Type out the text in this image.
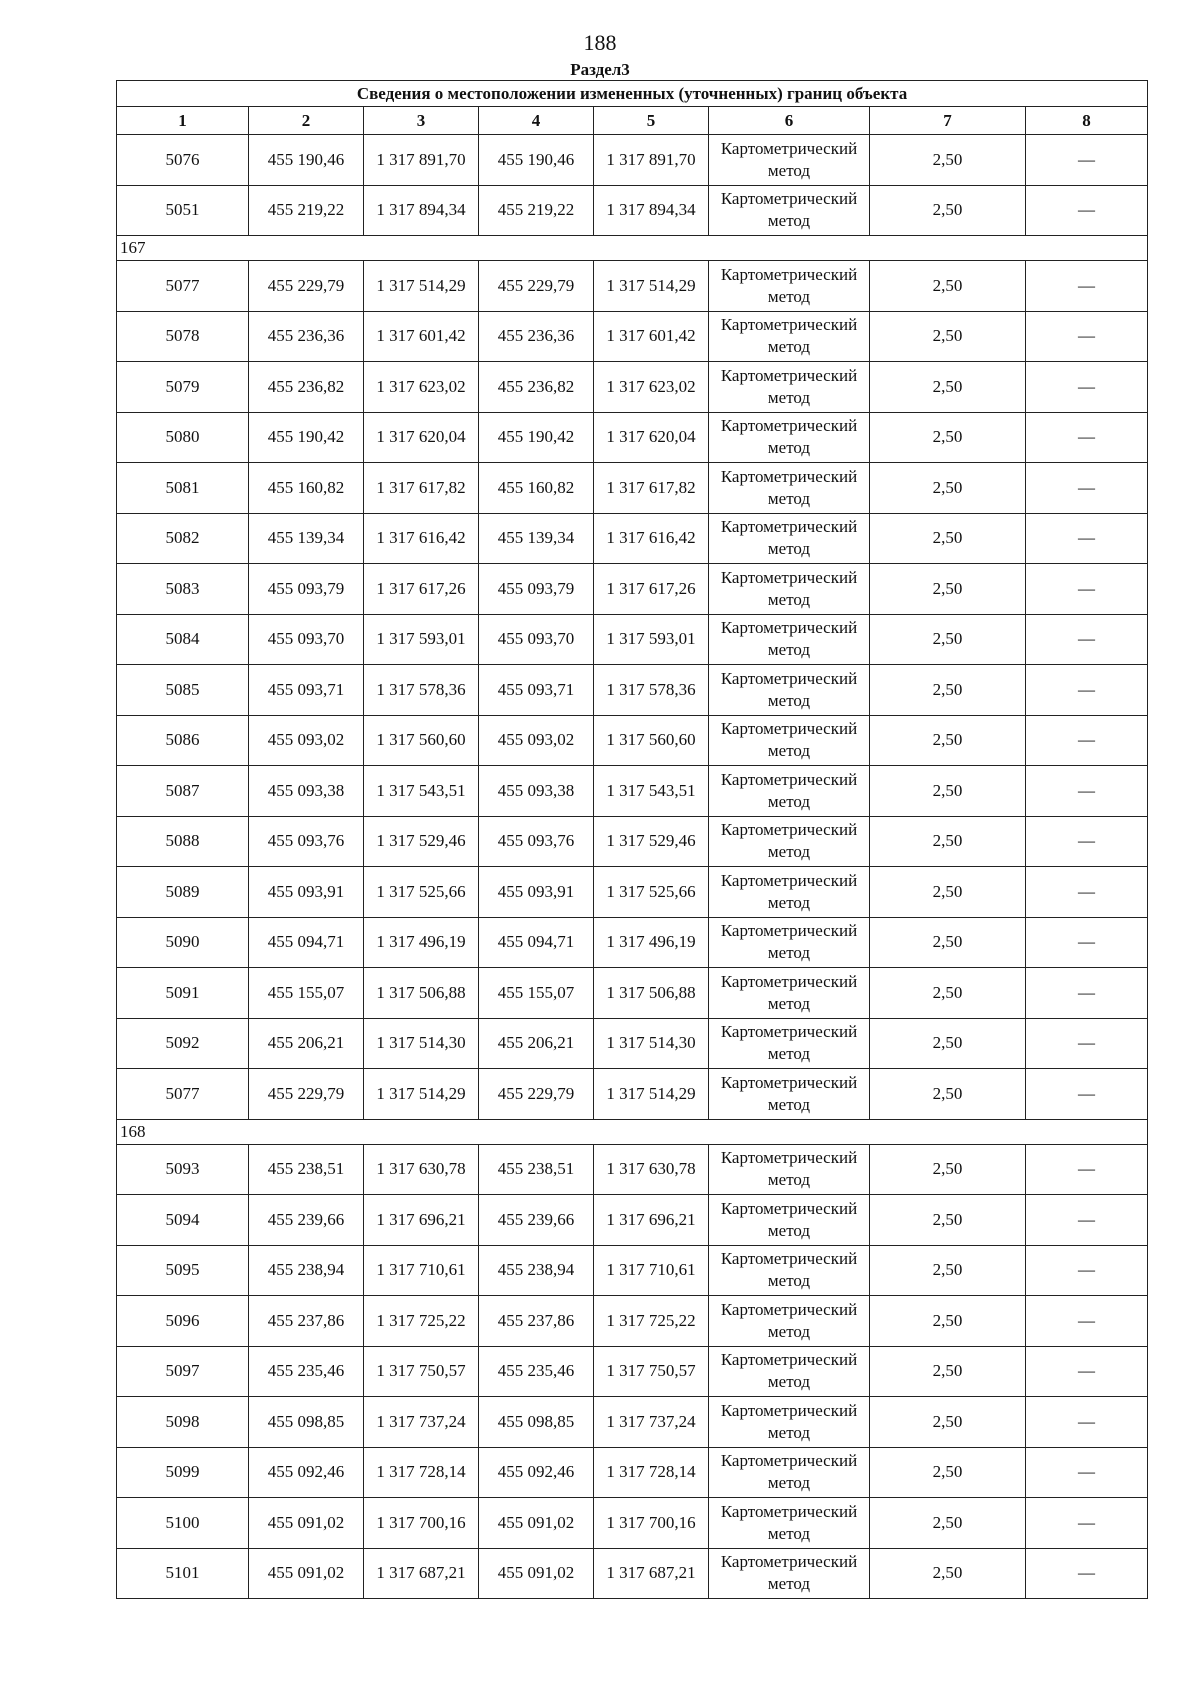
188
Раздел3
Сведения о местоположении измененных (уточненных) границ объекта							
1	2	3	4	5	6	7	8
5076	455 190,46	1 317 891,70	455 190,46	1 317 891,70	Картометрический метод	2,50	—
5051	455 219,22	1 317 894,34	455 219,22	1 317 894,34	Картометрический метод	2,50	—
167							
5077	455 229,79	1 317 514,29	455 229,79	1 317 514,29	Картометрический метод	2,50	—
5078	455 236,36	1 317 601,42	455 236,36	1 317 601,42	Картометрический метод	2,50	—
5079	455 236,82	1 317 623,02	455 236,82	1 317 623,02	Картометрический метод	2,50	—
5080	455 190,42	1 317 620,04	455 190,42	1 317 620,04	Картометрический метод	2,50	—
5081	455 160,82	1 317 617,82	455 160,82	1 317 617,82	Картометрический метод	2,50	—
5082	455 139,34	1 317 616,42	455 139,34	1 317 616,42	Картометрический метод	2,50	—
5083	455 093,79	1 317 617,26	455 093,79	1 317 617,26	Картометрический метод	2,50	—
5084	455 093,70	1 317 593,01	455 093,70	1 317 593,01	Картометрический метод	2,50	—
5085	455 093,71	1 317 578,36	455 093,71	1 317 578,36	Картометрический метод	2,50	—
5086	455 093,02	1 317 560,60	455 093,02	1 317 560,60	Картометрический метод	2,50	—
5087	455 093,38	1 317 543,51	455 093,38	1 317 543,51	Картометрический метод	2,50	—
5088	455 093,76	1 317 529,46	455 093,76	1 317 529,46	Картометрический метод	2,50	—
5089	455 093,91	1 317 525,66	455 093,91	1 317 525,66	Картометрический метод	2,50	—
5090	455 094,71	1 317 496,19	455 094,71	1 317 496,19	Картометрический метод	2,50	—
5091	455 155,07	1 317 506,88	455 155,07	1 317 506,88	Картометрический метод	2,50	—
5092	455 206,21	1 317 514,30	455 206,21	1 317 514,30	Картометрический метод	2,50	—
5077	455 229,79	1 317 514,29	455 229,79	1 317 514,29	Картометрический метод	2,50	—
168							
5093	455 238,51	1 317 630,78	455 238,51	1 317 630,78	Картометрический метод	2,50	—
5094	455 239,66	1 317 696,21	455 239,66	1 317 696,21	Картометрический метод	2,50	—
5095	455 238,94	1 317 710,61	455 238,94	1 317 710,61	Картометрический метод	2,50	—
5096	455 237,86	1 317 725,22	455 237,86	1 317 725,22	Картометрический метод	2,50	—
5097	455 235,46	1 317 750,57	455 235,46	1 317 750,57	Картометрический метод	2,50	—
5098	455 098,85	1 317 737,24	455 098,85	1 317 737,24	Картометрический метод	2,50	—
5099	455 092,46	1 317 728,14	455 092,46	1 317 728,14	Картометрический метод	2,50	—
5100	455 091,02	1 317 700,16	455 091,02	1 317 700,16	Картометрический метод	2,50	—
5101	455 091,02	1 317 687,21	455 091,02	1 317 687,21	Картометрический метод	2,50	—
